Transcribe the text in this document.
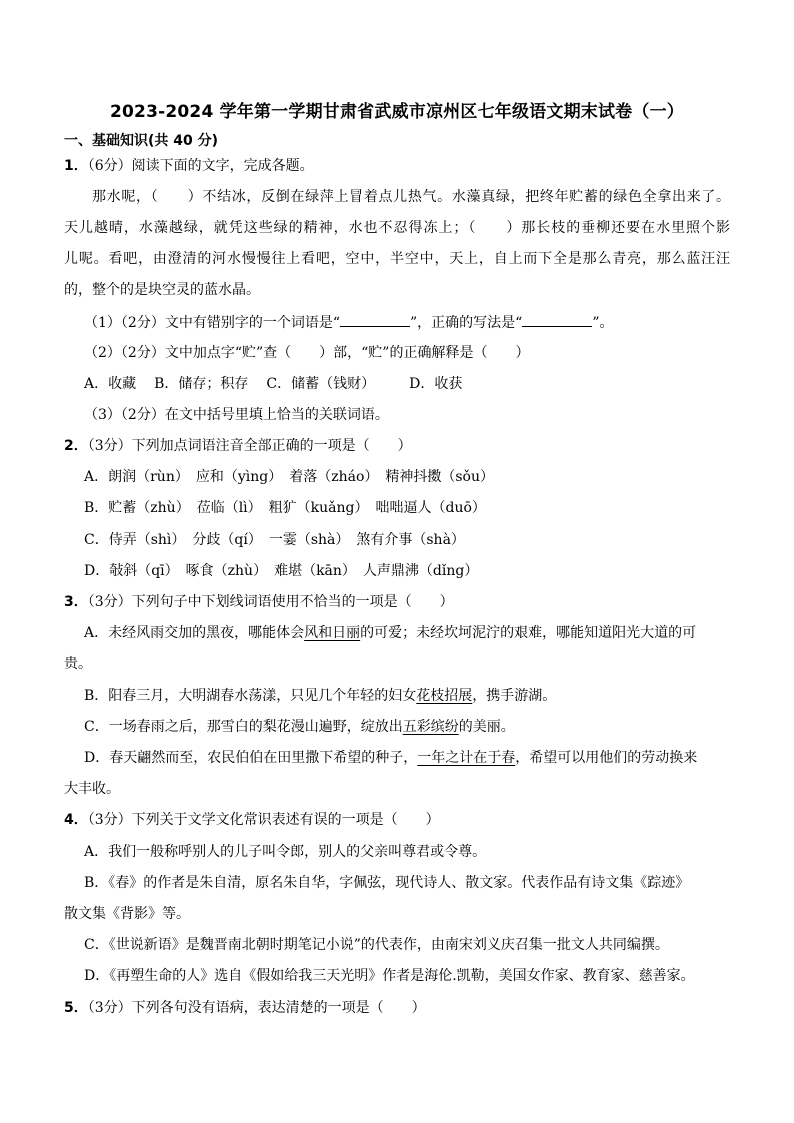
2023-2024 学年第一学期甘肃省武威市凉州区七年级语文期末试卷（一）
一、基础知识(共 40 分)
1．（6分）阅读下面的文字，完成各题。
那水呢，（　　）不结冰，反倒在绿萍上冒着点儿热气。水藻真绿，把终年贮蓄的绿色全拿出来了。
天儿越晴，水藻越绿，就凭这些绿的精神，水也不忍得冻上；（　　）那长枝的垂柳还要在水里照个影
儿呢。看吧，由澄清的河水慢慢往上看吧，空中，半空中，天上，自上而下全是那么青亮，那么蓝汪汪
的，整个的是块空灵的蓝水晶。
（1）（2分）文中有错别字的一个词语是“	”，正确的写法是“	”。
（2）（2分）文中加点字“贮”查（　　）部，“贮”的正确解释是（　　）
A．收藏 B．储存；积存 C．储蓄（钱财） D．收获
（3）（2分）在文中括号里填上恰当的关联词语。
2．（3分）下列加点词语注音全部正确的一项是（　　）
A．朗润（rùn）　应和（yìng）　着落（zháo）　精神抖擞（sǒu）
B．贮蓄（zhù）　莅临（lì）　粗犷（kuǎng）　咄咄逼人（duō）
C．侍弄（shì）　分歧（qí）　一霎（shà）　煞有介事（shà）
D．敧斜（qī）　啄食（zhù）　难堪（kān）　人声鼎沸（dǐng）
3．（3分）下列句子中下划线词语使用不恰当的一项是（　　）
A．未经风雨交加的黑夜，哪能体会风和日丽的可爱；未经坎坷泥泞的艰难，哪能知道阳光大道的可
贵。
B．阳春三月，大明湖春水荡漾，只见几个年轻的妇女花枝招展，携手游湖。
C．一场春雨之后，那雪白的梨花漫山遍野，绽放出五彩缤纷的美丽。
D．春天翩然而至，农民伯伯在田里撒下希望的种子，一年之计在于春，希望可以用他们的劳动换来
大丰收。
4．（3分）下列关于文学文化常识表述有误的一项是（　　）
A．我们一般称呼别人的儿子叫令郎，别人的父亲叫尊君或令尊。
B．《春》的作者是朱自清，原名朱自华，字佩弦，现代诗人、散文家。代表作品有诗文集《踪迹》
散文集《背影》等。
C．《世说新语》是魏晋南北朝时期笔记小说”的代表作，由南宋刘义庆召集一批文人共同编撰。
D．《再塑生命的人》选自《假如给我三天光明》作者是海伦.凯勒，美国女作家、教育家、慈善家。
5．（3分）下列各句没有语病，表达清楚的一项是（　　）
